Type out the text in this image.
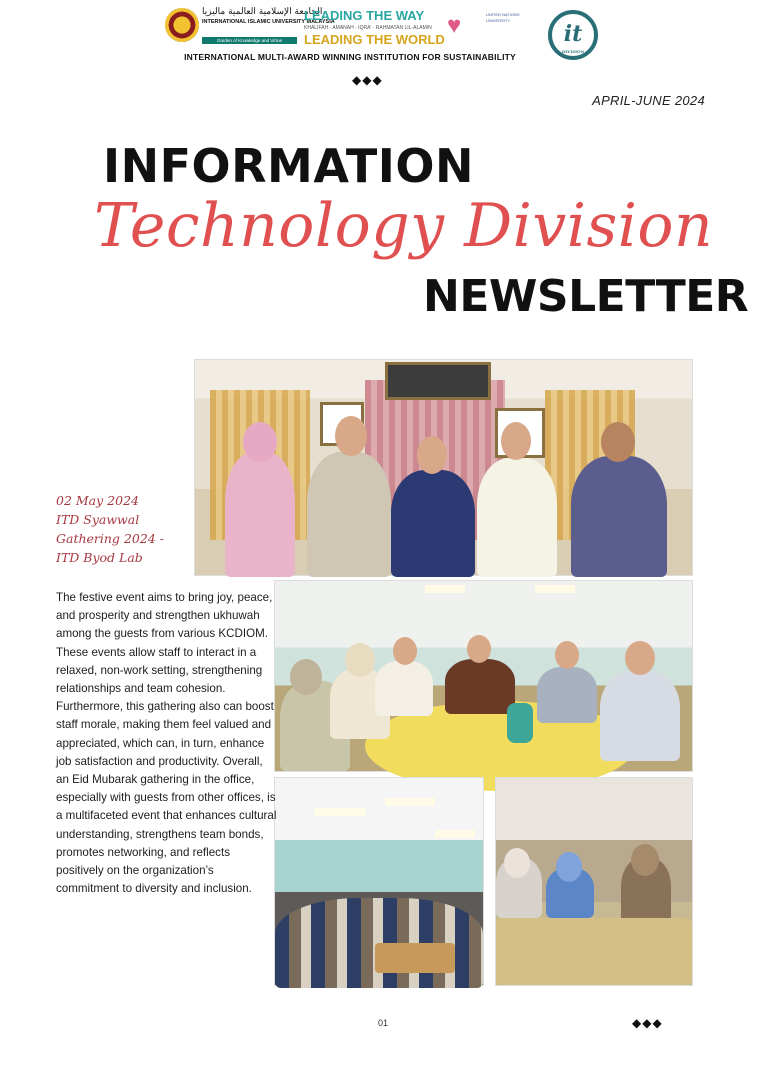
الجامعة الإسلامية العالمية ماليزيا
INTERNATIONAL ISLAMIC UNIVERSITY MALAYSIA
Garden of Knowledge and Virtue
LEADING THE WAY
KHALIFAH · AMANAH · IQRA' · RAHMATAN LIL-ALAMIN
LEADING THE WORLD
♥	UNITED NATIONS UNIVERSITY
INTERNATIONAL MULTI-AWARD WINNING INSTITUTION FOR SUSTAINABILITY
it
DIVISION
◆◆◆
APRIL-JUNE 2024
INFORMATION
Technology Division
NEWSLETTER
02 May 2024
ITD Syawwal
Gathering 2024 -
ITD Byod Lab
The festive event aims to bring joy, peace, and prosperity and strengthen ukhuwah among the guests from various KCDIOM. These events allow staff to interact in a relaxed, non-work setting, strengthening relationships and team cohesion. Furthermore, this gathering also can boost staff morale, making them feel valued and appreciated, which can, in turn, enhance job satisfaction and productivity. Overall, an Eid Mubarak gathering in the office, especially with guests from other offices, is a multifaceted event that enhances cultural understanding, strengthens team bonds, promotes networking, and reflects positively on the organization’s commitment to diversity and inclusion.
01	◆◆◆
